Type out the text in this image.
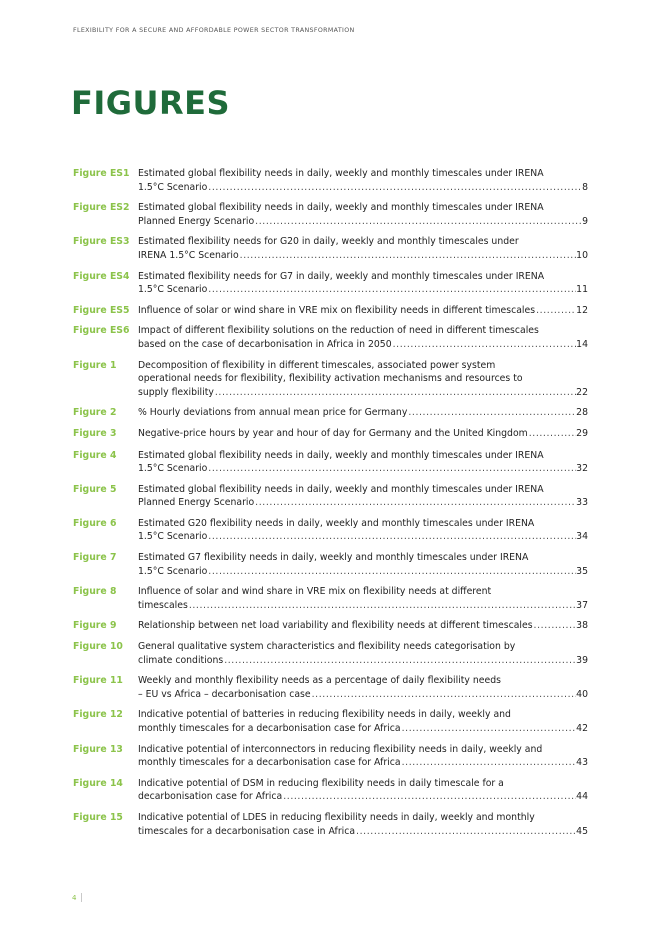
FLEXIBILITY FOR A SECURE AND AFFORDABLE POWER SECTOR TRANSFORMATION
FIGURES
Figure ES1 Estimated global flexibility needs in daily, weekly and monthly timescales under IRENA
1.5°C Scenario .....	8
Figure ES2 Estimated global flexibility needs in daily, weekly and monthly timescales under IRENA
Planned Energy Scenario .....	9
Figure ES3 Estimated flexibility needs for G20 in daily, weekly and monthly timescales under
IRENA 1.5°C Scenario .....	10
Figure ES4 Estimated flexibility needs for G7 in daily, weekly and monthly timescales under IRENA
1.5°C Scenario .....	11
Figure ES5 Influence of solar or wind share in VRE mix on flexibility needs in different timescales .....	12
Figure ES6 Impact of different flexibility solutions on the reduction of need in different timescales
based on the case of decarbonisation in Africa in 2050 .....	14
Figure 1	Decomposition of flexibility in different timescales, associated power system
operational needs for flexibility, flexibility activation mechanisms and resources to
supply flexibility .....	22
Figure 2	% Hourly deviations from annual mean price for Germany .....	28
Figure 3	Negative-price hours by year and hour of day for Germany and the United Kingdom .....	29
Figure 4	Estimated global flexibility needs in daily, weekly and monthly timescales under IRENA
1.5°C Scenario .....	32
Figure 5	Estimated global flexibility needs in daily, weekly and monthly timescales under IRENA
Planned Energy Scenario .....	33
Figure 6	Estimated G20 flexibility needs in daily, weekly and monthly timescales under IRENA
1.5°C Scenario .....	34
Figure 7	Estimated G7 flexibility needs in daily, weekly and monthly timescales under IRENA
1.5°C Scenario .....	35
Figure 8	Influence of solar and wind share in VRE mix on flexibility needs at different
timescales .....	37
Figure 9	Relationship between net load variability and flexibility needs at different timescales .....	38
Figure 10	General qualitative system characteristics and flexibility needs categorisation by
climate conditions .....	39
Figure 11	Weekly and monthly flexibility needs as a percentage of daily flexibility needs
– EU vs Africa – decarbonisation case .....	40
Figure 12	Indicative potential of batteries in reducing flexibility needs in daily, weekly and
monthly timescales for a decarbonisation case for Africa .....	42
Figure 13	Indicative potential of interconnectors in reducing flexibility needs in daily, weekly and
monthly timescales for a decarbonisation case for Africa .....	43
Figure 14	Indicative potential of DSM in reducing flexibility needs in daily timescale for a
decarbonisation case for Africa .....	44
Figure 15	Indicative potential of LDES in reducing flexibility needs in daily, weekly and monthly
timescales for a decarbonisation case in Africa .....	45
4
